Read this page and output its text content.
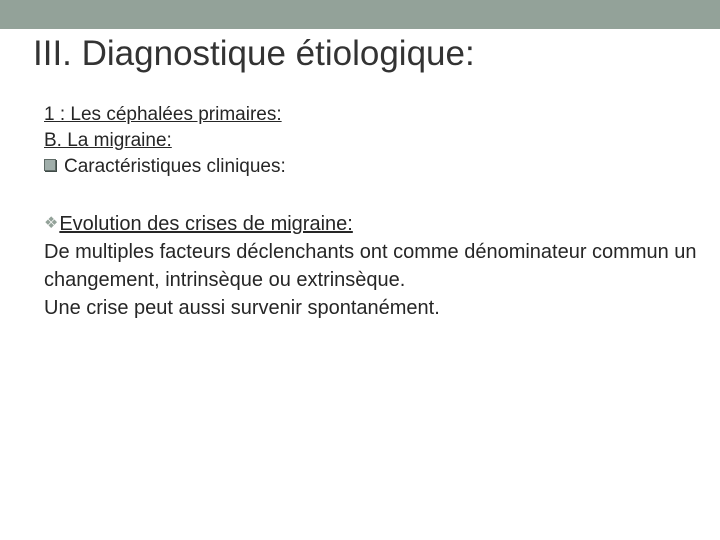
III. Diagnostique étiologique:
1 : Les céphalées primaires:
B. La migraine:
Caractéristiques cliniques:
❖Evolution des crises de migraine:
De multiples facteurs déclenchants ont comme dénominateur commun un changement, intrinsèque ou extrinsèque.
Une crise peut aussi survenir spontanément.
